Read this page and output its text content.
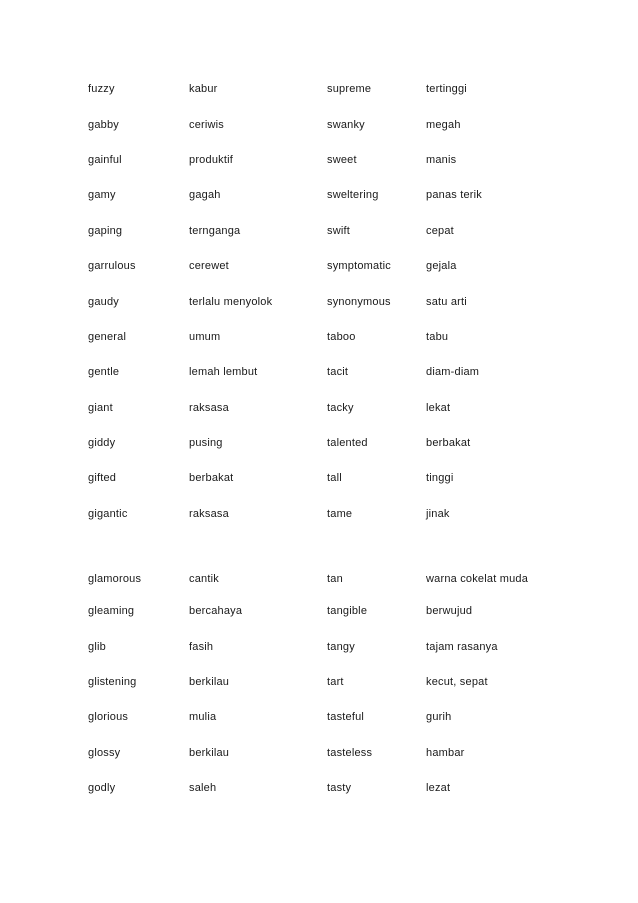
fuzzy	kabur	supreme	tertinggi
gabby	ceriwis	swanky	megah
gainful	produktif	sweet	manis
gamy	gagah	sweltering	panas terik
gaping	ternganga	swift	cepat
garrulous	cerewet	symptomatic	gejala
gaudy	terlalu menyolok	synonymous	satu arti
general	umum	taboo	tabu
gentle	lemah lembut	tacit	diam-diam
giant	raksasa	tacky	lekat
giddy	pusing	talented	berbakat
gifted	berbakat	tall	tinggi
gigantic	raksasa	tame	jinak
glamorous	cantik	tan	warna cokelat muda
gleaming	bercahaya	tangible	berwujud
glib	fasih	tangy	tajam rasanya
glistening	berkilau	tart	kecut, sepat
glorious	mulia	tasteful	gurih
glossy	berkilau	tasteless	hambar
godly	saleh	tasty	lezat
